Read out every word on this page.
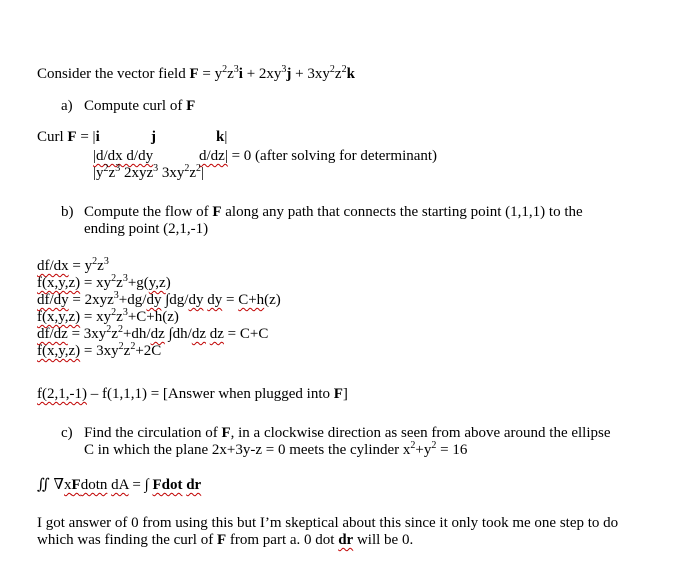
Consider the vector field $F = y^2z^3i + 2xy^3j + 3xy^2z^2k$
a) Compute curl of F
Curl F = |i	j	k|
|d/dx d/dy	d/dz| = 0 (after solving for determinant)
$|y^2z^3$ 2xyz$^3$ $3xy^2z^2|$
b) Compute the flow of F along any path that connects the starting point (1,1,1) to the
ending point (2,1,-1)
$df/dx = y^2z^3$
$f(x,y,z) = xy^2z^3+g(y,z)$
df/dy = 2xyz$^3$+dg/dy ∫dg/dy dy = C+h(z)
$f(x,y,z) = xy^2z^3+C+h(z)$
$df/dz = 3xy^2z^2+dh/dz$ ∫dh/dz dz = C+C
$f(x,y,z) = 3xy^2z^2+2C$
f(2,1,-1) – f(1,1,1) = [Answer when plugged into F]
c) Find the circulation of F, in a clockwise direction as seen from above around the ellipse
C in which the plane 2x+3y-z = 0 meets the cylinder $x^2+y^2 = 16$
∬ ∇xFdotn dA = ∫ Fdot dr
I got answer of 0 from using this but I’m skeptical about this since it only took me one step to do
which was finding the curl of F from part a. 0 dot dr will be 0.
